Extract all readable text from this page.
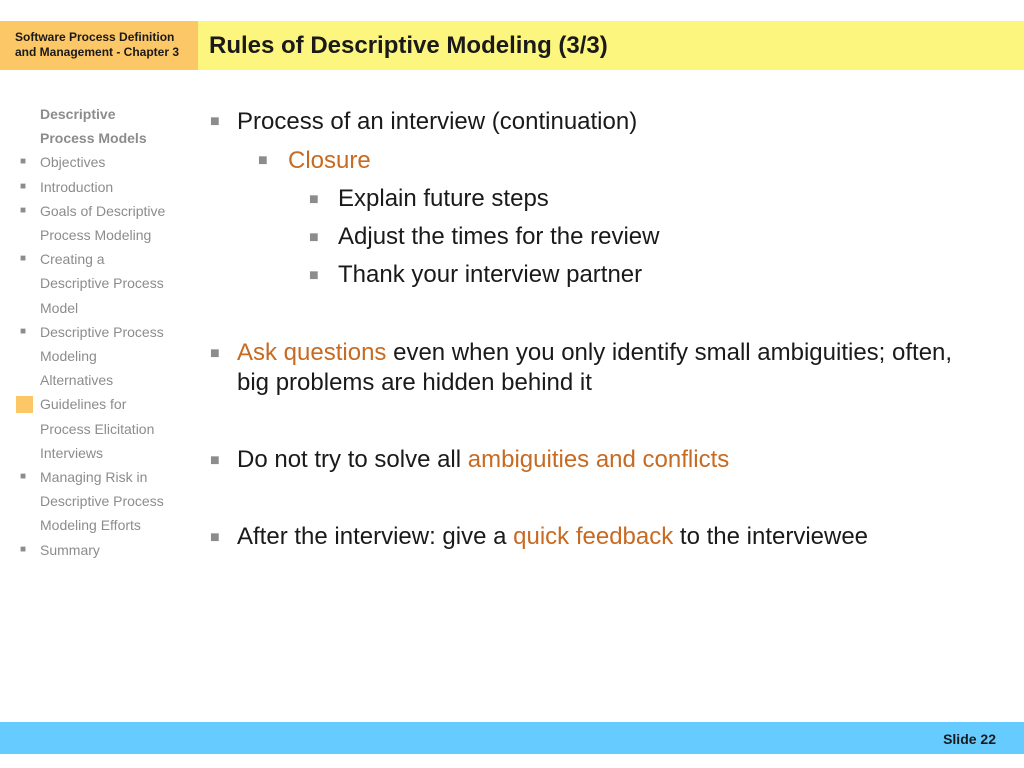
Software Process Definition
and Management - Chapter 3	Rules of Descriptive Modeling (3/3)
Descriptive
Process Models
■ Objectives
■ Introduction
■ Goals of Descriptive
Process Modeling
■ Creating a
Descriptive Process
Model
■ Descriptive Process
Modeling
Alternatives
Guidelines for
Process Elicitation
Interviews
■ Managing Risk in
Descriptive Process
Modeling Efforts
■ Summary
■ Process of an interview (continuation)
■ Closure
■ Explain future steps
■ Adjust the times for the review
■ Thank your interview partner
■ Ask questions even when you only identify small ambiguities; often, big problems are hidden behind it
■ Do not try to solve all ambiguities and conflicts
■ After the interview: give a quick feedback to the interviewee
Slide 22
